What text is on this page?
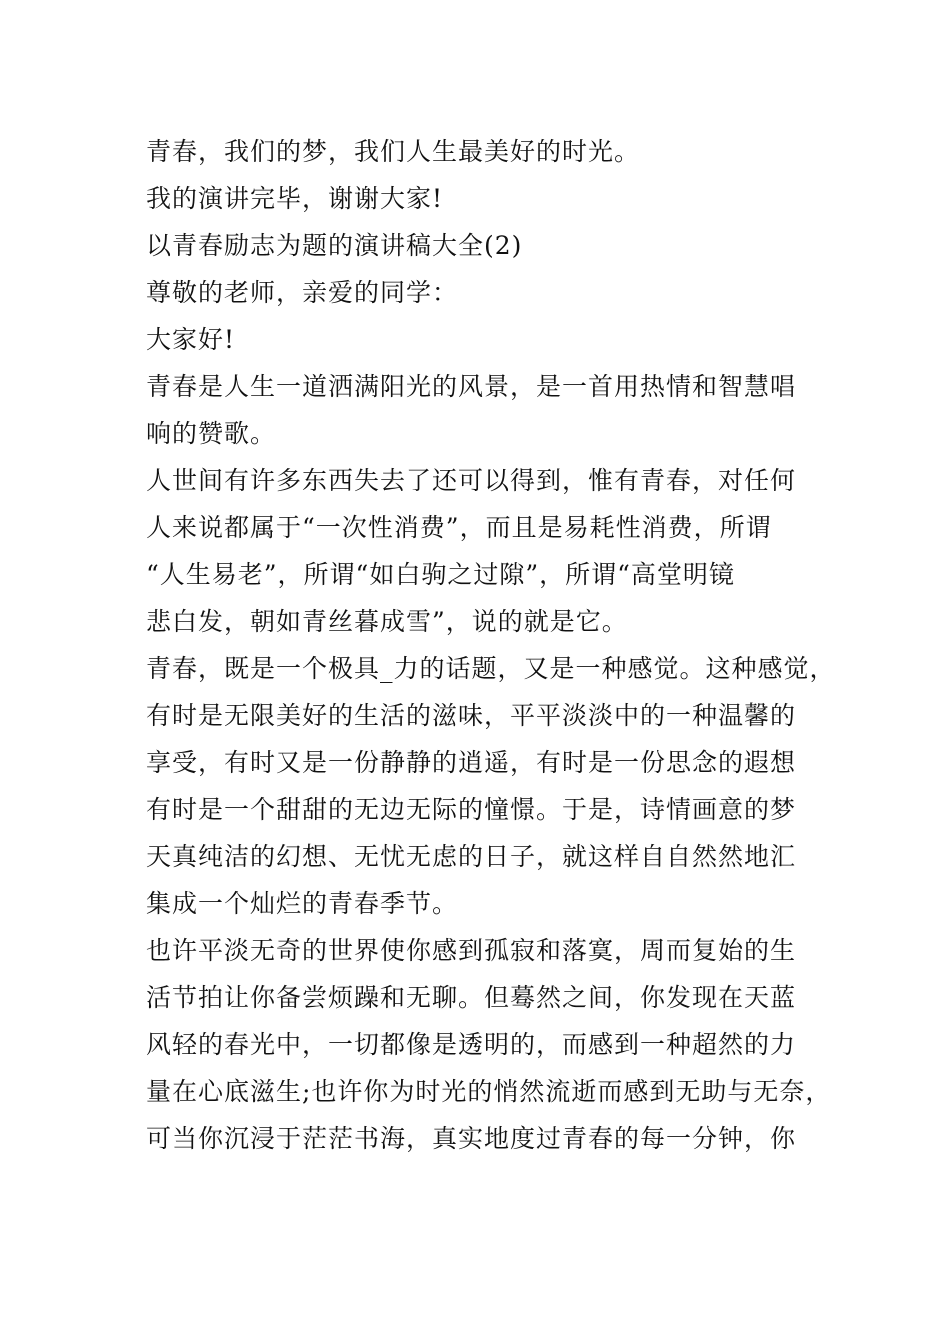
青春，我们的梦，我们人生最美好的时光。
我的演讲完毕，谢谢大家!
以青春励志为题的演讲稿大全(2)
尊敬的老师，亲爱的同学：
大家好!
青春是人生一道洒满阳光的风景，是一首用热情和智慧唱
响的赞歌。
人世间有许多东西失去了还可以得到，惟有青春，对任何
人来说都属于“一次性消费”，而且是易耗性消费，所谓
“人生易老”，所谓“如白驹之过隙”，所谓“高堂明镜
悲白发，朝如青丝暮成雪”，说的就是它。
青春，既是一个极具_力的话题，又是一种感觉。这种感觉，
有时是无限美好的生活的滋味，平平淡淡中的一种温馨的
享受，有时又是一份静静的逍遥，有时是一份思念的遐想
有时是一个甜甜的无边无际的憧憬。于是，诗情画意的梦
天真纯洁的幻想、无忧无虑的日子，就这样自自然然地汇
集成一个灿烂的青春季节。
也许平淡无奇的世界使你感到孤寂和落寞，周而复始的生
活节拍让你备尝烦躁和无聊。但蓦然之间，你发现在天蓝
风轻的春光中，一切都像是透明的，而感到一种超然的力
量在心底滋生;也许你为时光的悄然流逝而感到无助与无奈，
可当你沉浸于茫茫书海，真实地度过青春的每一分钟，你
